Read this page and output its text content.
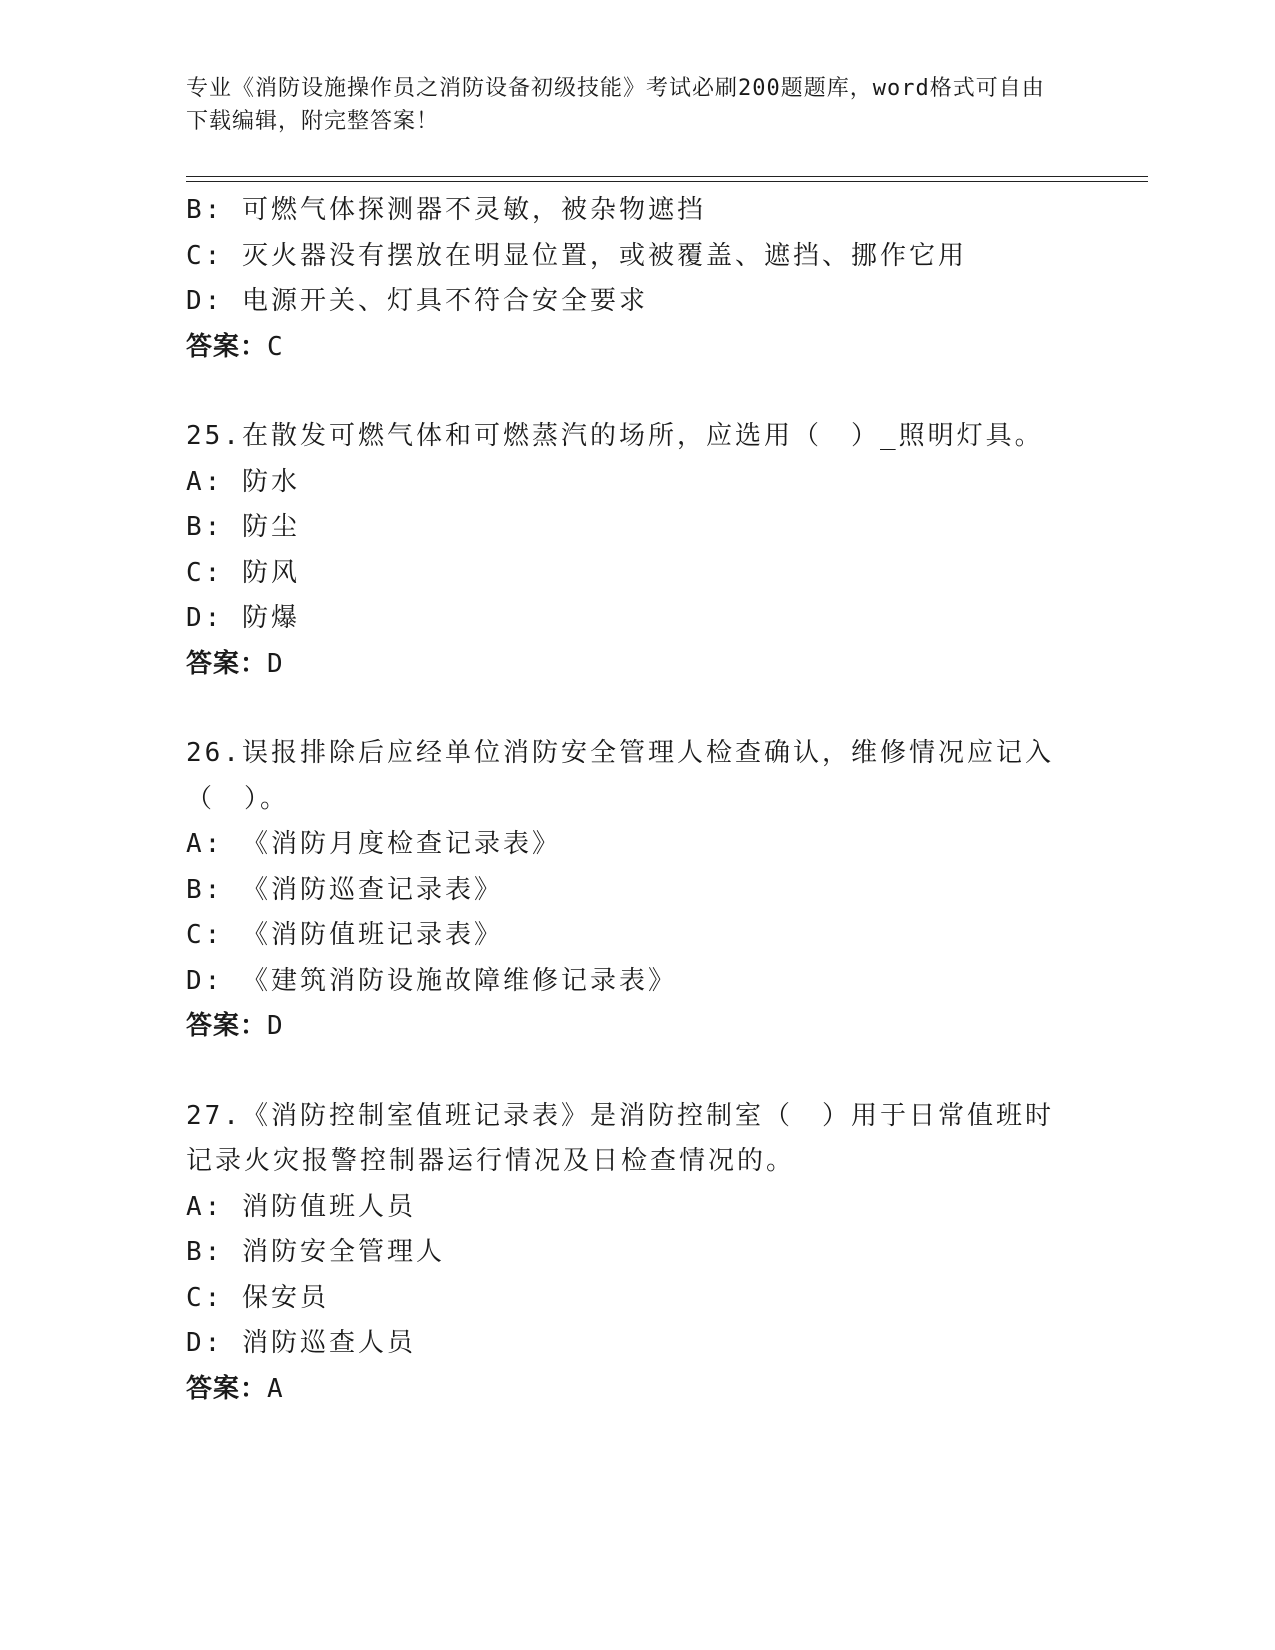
专业《消防设施操作员之消防设备初级技能》考试必刷200题题库，word格式可自由下载编辑，附完整答案！
B: 可燃气体探测器不灵敏，被杂物遮挡
C: 灭火器没有摆放在明显位置，或被覆盖、遮挡、挪作它用
D: 电源开关、灯具不符合安全要求
答案：C
25.在散发可燃气体和可燃蒸汽的场所，应选用（　）_照明灯具。
A: 防水
B: 防尘
C: 防风
D: 防爆
答案：D
26.误报排除后应经单位消防安全管理人检查确认，维修情况应记入（　）。
A: 《消防月度检查记录表》
B: 《消防巡查记录表》
C: 《消防值班记录表》
D: 《建筑消防设施故障维修记录表》
答案：D
27.《消防控制室值班记录表》是消防控制室（　）用于日常值班时记录火灾报警控制器运行情况及日检查情况的。
A: 消防值班人员
B: 消防安全管理人
C: 保安员
D: 消防巡查人员
答案：A
